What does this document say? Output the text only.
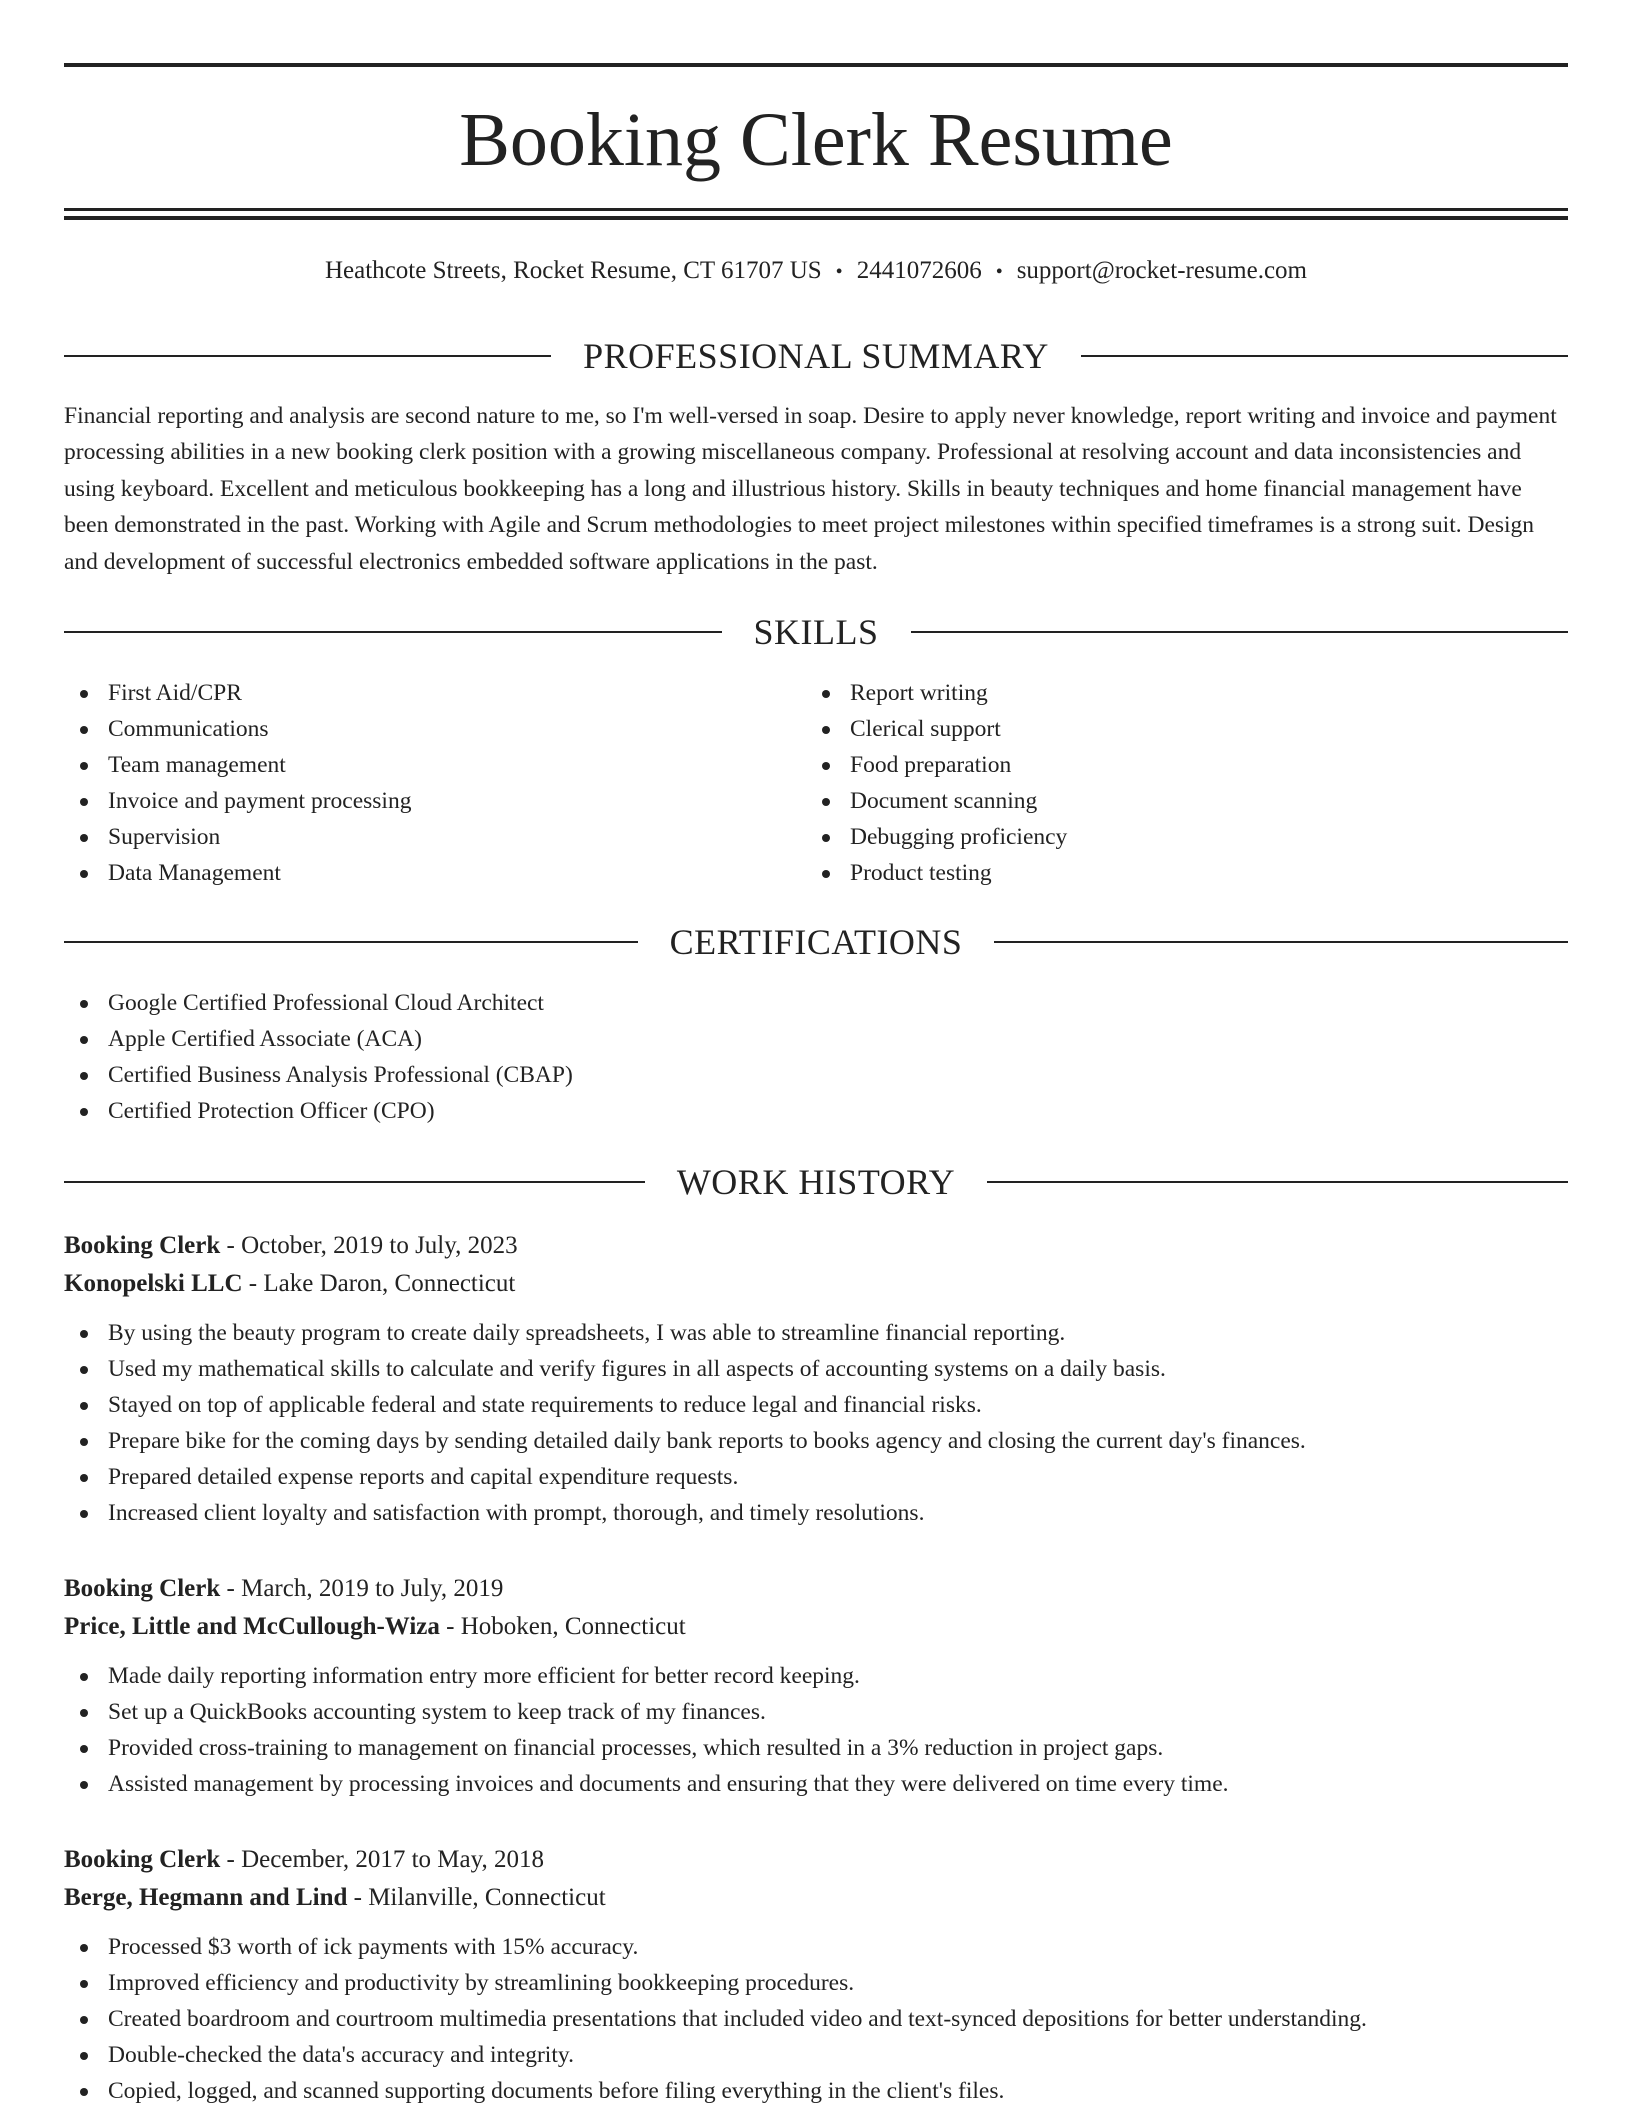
Booking Clerk Resume
Heathcote Streets, Rocket Resume, CT 61707 US • 2441072606 • support@rocket-resume.com
PROFESSIONAL SUMMARY

Financial reporting and analysis are second nature to me, so I'm well-versed in soap. Desire to apply never knowledge, report writing and invoice and payment processing abilities in a new booking clerk position with a growing miscellaneous company. Professional at resolving account and data inconsistencies and using keyboard. Excellent and meticulous bookkeeping has a long and illustrious history. Skills in beauty techniques and home financial management have been demonstrated in the past. Working with Agile and Scrum methodologies to meet project milestones within specified timeframes is a strong suit. Design and development of successful electronics embedded software applications in the past.

SKILLS
First Aid/CPR
Communications
Team management
Invoice and payment processing
Supervision
Data Management
Report writing
Clerical support
Food preparation
Document scanning
Debugging proficiency
Product testing
CERTIFICATIONS
Google Certified Professional Cloud Architect
Apple Certified Associate (ACA)
Certified Business Analysis Professional (CBAP)
Certified Protection Officer (CPO)
WORK HISTORY
Booking Clerk - October, 2019 to July, 2023
Konopelski LLC - Lake Daron, Connecticut
By using the beauty program to create daily spreadsheets, I was able to streamline financial reporting.
Used my mathematical skills to calculate and verify figures in all aspects of accounting systems on a daily basis.
Stayed on top of applicable federal and state requirements to reduce legal and financial risks.
Prepare bike for the coming days by sending detailed daily bank reports to books agency and closing the current day's finances.
Prepared detailed expense reports and capital expenditure requests.
Increased client loyalty and satisfaction with prompt, thorough, and timely resolutions.
Booking Clerk - March, 2019 to July, 2019
Price, Little and McCullough-Wiza - Hoboken, Connecticut
Made daily reporting information entry more efficient for better record keeping.
Set up a QuickBooks accounting system to keep track of my finances.
Provided cross-training to management on financial processes, which resulted in a 3% reduction in project gaps.
Assisted management by processing invoices and documents and ensuring that they were delivered on time every time.
Booking Clerk - December, 2017 to May, 2018
Berge, Hegmann and Lind - Milanville, Connecticut
Processed $3 worth of ick payments with 15% accuracy.
Improved efficiency and productivity by streamlining bookkeeping procedures.
Created boardroom and courtroom multimedia presentations that included video and text-synced depositions for better understanding.
Double-checked the data's accuracy and integrity.
Copied, logged, and scanned supporting documents before filing everything in the client's files.
